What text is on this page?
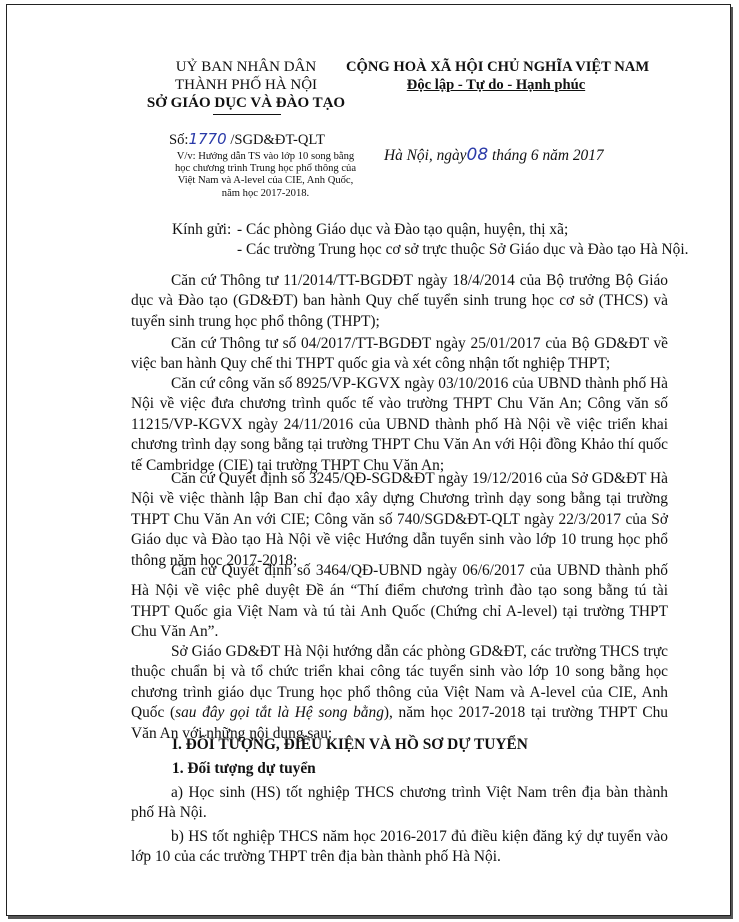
UỶ BAN NHÂN DÂN
THÀNH PHỐ HÀ NỘI
SỞ GIÁO DỤC VÀ ĐÀO TẠO
CỘNG HOÀ XÃ HỘI CHỦ NGHĨA VIỆT NAM
Độc lập - Tự do - Hạnh phúc
Số:1770 /SGD&ĐT-QLT
V/v: Hướng dẫn TS vào lớp 10 song bằng
học chương trình Trung học phổ thông của
Việt Nam và A-level của CIE, Anh Quốc,
năm học 2017-2018.
Hà Nội, ngày08 tháng 6 năm 2017
Kính gửi: - Các phòng Giáo dục và Đào tạo quận, huyện, thị xã;
- Các trường Trung học cơ sở trực thuộc Sở Giáo dục và Đào tạo Hà Nội.
Căn cứ Thông tư 11/2014/TT-BGDĐT ngày 18/4/2014 của Bộ trưởng Bộ Giáo dục và Đào tạo (GD&ĐT) ban hành Quy chế tuyển sinh trung học cơ sở (THCS) và tuyển sinh trung học phổ thông (THPT);
Căn cứ Thông tư số 04/2017/TT-BGDĐT ngày 25/01/2017 của Bộ GD&ĐT về việc ban hành Quy chế thi THPT quốc gia và xét công nhận tốt nghiệp THPT;
Căn cứ công văn số 8925/VP-KGVX ngày 03/10/2016 của UBND thành phố Hà Nội về việc đưa chương trình quốc tế vào trường THPT Chu Văn An; Công văn số 11215/VP-KGVX ngày 24/11/2016 của UBND thành phố Hà Nội về việc triển khai chương trình dạy song bằng tại trường THPT Chu Văn An với Hội đồng Khảo thí quốc tế Cambridge (CIE) tại trường THPT Chu Văn An;
Căn cứ Quyết định số 3245/QĐ-SGD&ĐT ngày 19/12/2016 của Sở GD&ĐT Hà Nội về việc thành lập Ban chỉ đạo xây dựng Chương trình dạy song bằng tại trường THPT Chu Văn An với CIE; Công văn số 740/SGD&ĐT-QLT ngày 22/3/2017 của Sở Giáo dục và Đào tạo Hà Nội về việc Hướng dẫn tuyển sinh vào lớp 10 trung học phổ thông năm học 2017-2018;
Căn cứ Quyết định số 3464/QĐ-UBND ngày 06/6/2017 của UBND thành phố Hà Nội về việc phê duyệt Đề án “Thí điểm chương trình đào tạo song bằng tú tài THPT Quốc gia Việt Nam và tú tài Anh Quốc (Chứng chỉ A-level) tại trường THPT Chu Văn An”.
Sở Giáo GD&ĐT Hà Nội hướng dẫn các phòng GD&ĐT, các trường THCS trực thuộc chuẩn bị và tổ chức triển khai công tác tuyển sinh vào lớp 10 song bằng học chương trình giáo dục Trung học phổ thông của Việt Nam và A-level của CIE, Anh Quốc (sau đây gọi tắt là Hệ song bằng), năm học 2017-2018 tại trường THPT Chu Văn An với những nội dung sau:
I. ĐỐI TƯỢNG, ĐIỀU KIỆN VÀ HỒ SƠ DỰ TUYỂN
1. Đối tượng dự tuyển
a) Học sinh (HS) tốt nghiệp THCS chương trình Việt Nam trên địa bàn thành phố Hà Nội.
b) HS tốt nghiệp THCS năm học 2016-2017 đủ điều kiện đăng ký dự tuyển vào lớp 10 của các trường THPT trên địa bàn thành phố Hà Nội.
